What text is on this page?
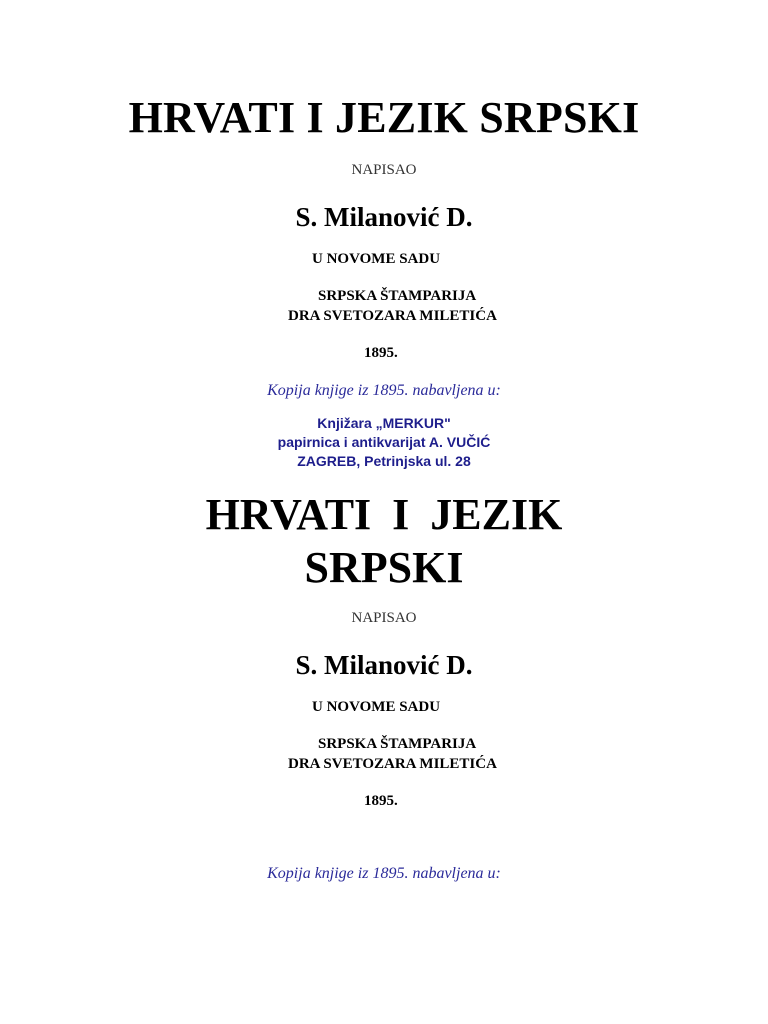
HRVATI I JEZIK SRPSKI
NAPISAO
S. Milanović D.
U NOVOME SADU
SRPSKA ŠTAMPARIJA
DRA SVETOZARA MILETIĆA
1895.
Kopija knjige iz 1895. nabavljena u:
Knjižara „MERKUR"
papirnica i antikvarijat A. VUČIĆ
ZAGREB, Petrinjska ul. 28
HRVATI I JEZIK
SRPSKI
NAPISAO
S. Milanović D.
U NOVOME SADU
SRPSKA ŠTAMPARIJA
DRA SVETOZARA MILETIĆA
1895.
Kopija knjige iz 1895. nabavljena u:
